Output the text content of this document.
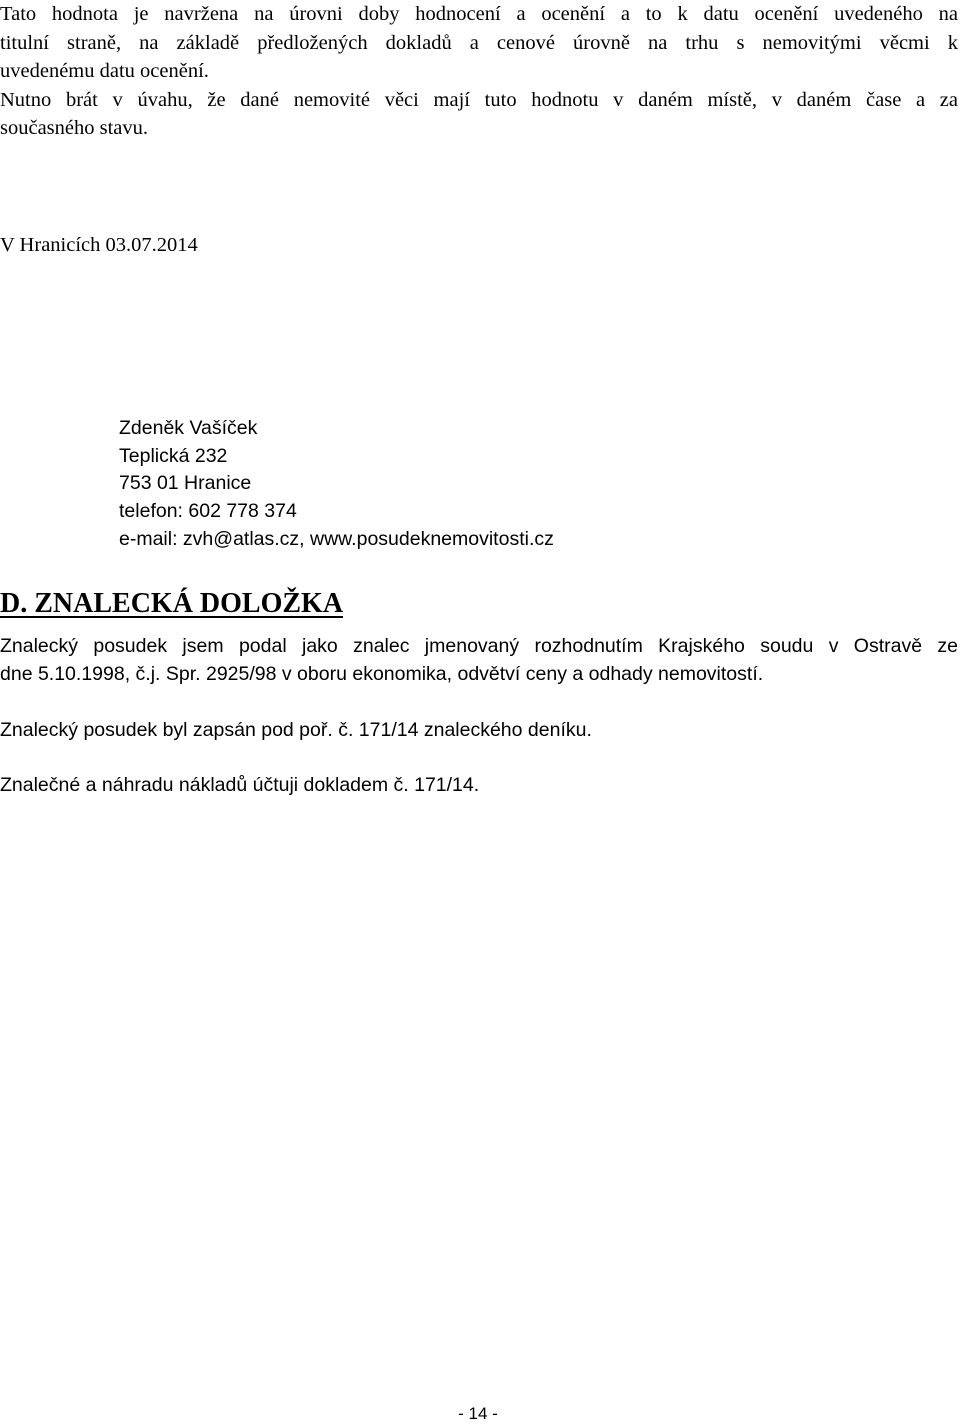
Tato hodnota je navržena na úrovni doby hodnocení a ocenění a to k datu ocenění uvedeného na
titulní straně, na základě předložených dokladů a cenové úrovně na trhu s nemovitými věcmi k
uvedenému datu ocenění.
Nutno brát v úvahu, že dané nemovité věci mají tuto hodnotu v daném místě, v daném čase a za
současného stavu.
V Hranicích 03.07.2014
Zdeněk Vašíček
Teplická 232
753 01 Hranice
telefon: 602 778 374
e-mail: zvh@atlas.cz, www.posudeknemovitosti.cz
D. ZNALECKÁ DOLOŽKA
Znalecký posudek jsem podal jako znalec jmenovaný rozhodnutím Krajského soudu v Ostravě ze
dne 5.10.1998, č.j. Spr. 2925/98 v oboru ekonomika, odvětví ceny a odhady nemovitostí.
Znalecký posudek byl zapsán pod poř. č. 171/14 znaleckého deníku.
Znalečné a náhradu nákladů účtuji dokladem č. 171/14.
- 14 -
